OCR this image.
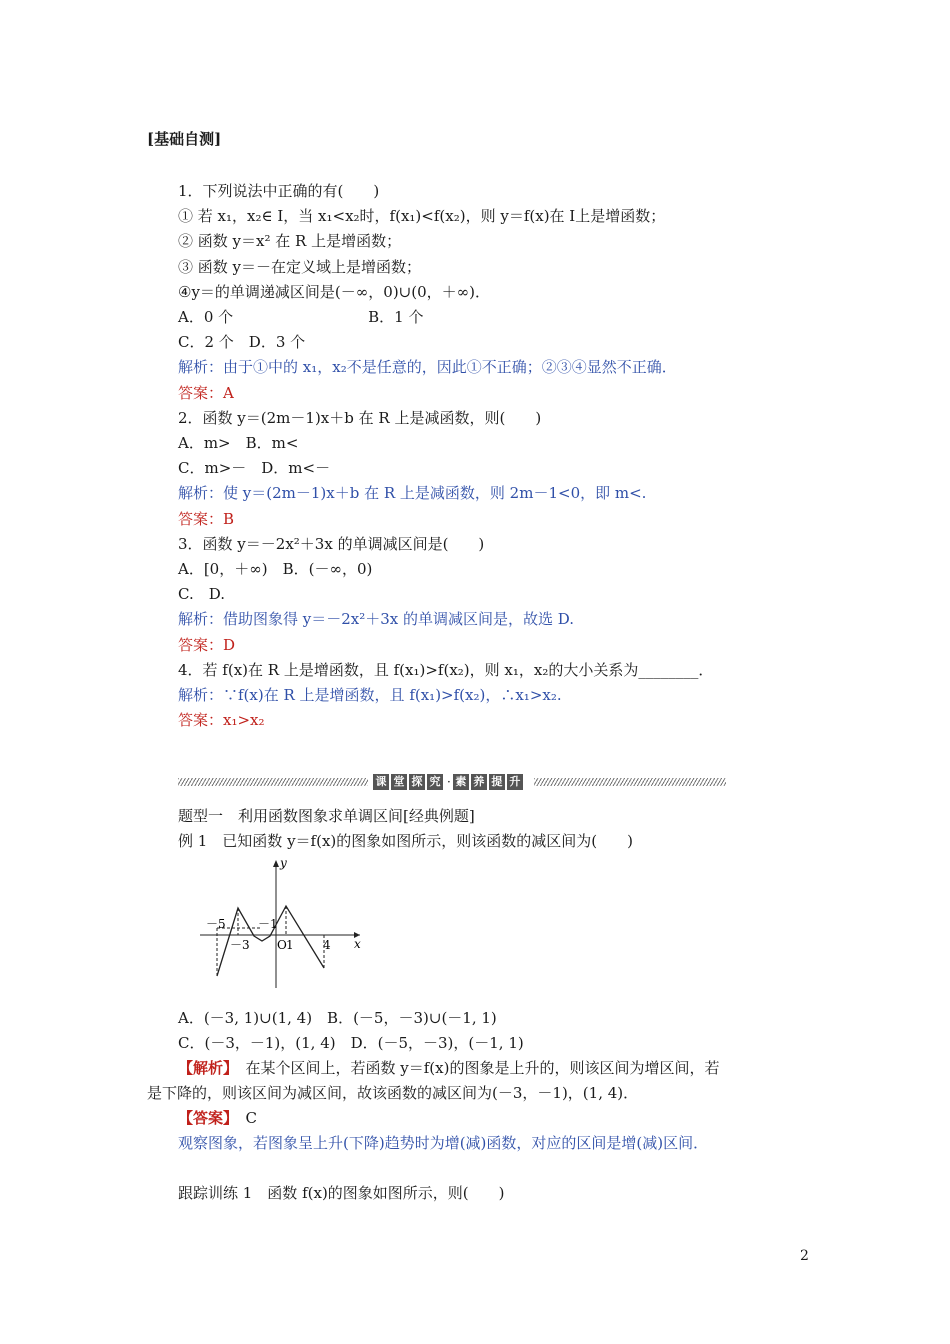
[基础自测]
1．下列说法中正确的有(　　)
① 若 x₁，x₂∈ I，当 x₁<x₂时，f(x₁)<f(x₂)，则 y＝f(x)在 I上是增函数；
② 函数 y＝x² 在 R 上是增函数；
③ 函数 y＝－在定义域上是增函数；
④y＝的单调递减区间是(－∞，0)∪(0，＋∞)．
A．0 个　　　　　　　　　B．1 个
C．2 个　D．3 个
解析：由于①中的 x₁，x₂不是任意的，因此①不正确；②③④显然不正确．
答案：A
2．函数 y＝(2m－1)x＋b 在 R 上是减函数，则(　　)
A．m>　B．m<
C．m>－　D．m<－
解析：使 y＝(2m－1)x＋b 在 R 上是减函数，则 2m－1<0，即 m<.
答案：B
3．函数 y＝－2x²＋3x 的单调减区间是(　　)
A．[0，＋∞)　B．(－∞，0)
C.　D.
解析：借助图象得 y＝－2x²＋3x 的单调减区间是，故选 D.
答案：D
4．若 f(x)在 R 上是增函数，且 f(x₁)>f(x₂)，则 x₁，x₂的大小关系为________．
解析：∵f(x)在 R 上是增函数，且 f(x₁)>f(x₂)，∴x₁>x₂.
答案：x₁>x₂
课 堂 探 究 · 素 养 提 升
题型一　利用函数图象求单调区间[经典例题]
例 1　已知函数 y＝f(x)的图象如图所示，则该函数的减区间为(　　)
y
x
－5
－3
－1
O 1 4
A．(－3, 1)∪(1, 4)　B．(－5，－3)∪(－1, 1)
C．(－3，－1)，(1, 4)　D．(－5，－3)，(－1, 1)
【解析】　在某个区间上，若函数 y＝f(x)的图象是上升的，则该区间为增区间，若
是下降的，则该区间为减区间，故该函数的减区间为(－3，－1)，(1, 4)．
【答案】　C
观察图象，若图象呈上升(下降)趋势时为增(减)函数，对应的区间是增(减)区间．
跟踪训练 1　函数 f(x)的图象如图所示，则(　　)
2
